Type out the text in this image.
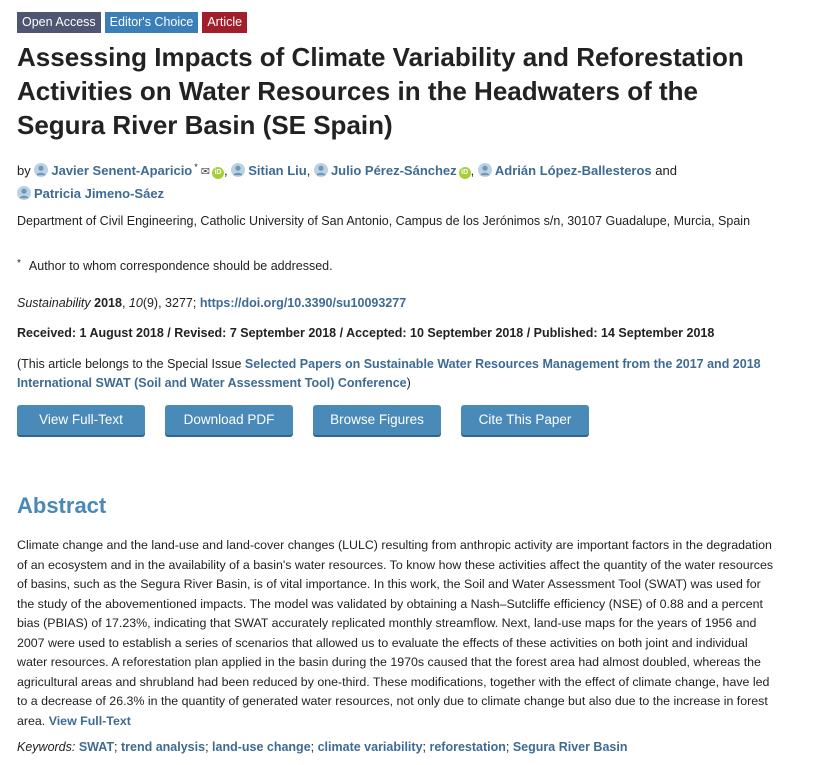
Open Access	Editor's Choice	Article
Assessing Impacts of Climate Variability and Reforestation Activities on Water Resources in the Headwaters of the Segura River Basin (SE Spain)
by Javier Senent-Aparicio * ✉ iD ,
Sitian Liu,
Julio Pérez-Sánchez iD ,
Adrián López-Ballesteros and
Patricia Jimeno-Sáez
Department of Civil Engineering, Catholic University of San Antonio, Campus de los Jerónimos s/n, 30107 Guadalupe, Murcia, Spain
* Author to whom correspondence should be addressed.
Sustainability 2018, 10(9), 3277; https://doi.org/10.3390/su10093277
Received: 1 August 2018 / Revised: 7 September 2018 / Accepted: 10 September 2018 / Published: 14 September 2018
(This article belongs to the Special Issue Selected Papers on Sustainable Water Resources Management from the 2017 and 2018 International SWAT (Soil and Water Assessment Tool) Conference)
View Full-Text	Download PDF	Browse Figures	Cite This Paper
Abstract
Climate change and the land-use and land-cover changes (LULC) resulting from anthropic activity are important factors in the degradation of an ecosystem and in the availability of a basin's water resources. To know how these activities affect the quantity of the water resources of basins, such as the Segura River Basin, is of vital importance. In this work, the Soil and Water Assessment Tool (SWAT) was used for the study of the abovementioned impacts. The model was validated by obtaining a Nash–Sutcliffe efficiency (NSE) of 0.88 and a percent bias (PBIAS) of 17.23%, indicating that SWAT accurately replicated monthly streamflow. Next, land-use maps for the years of 1956 and 2007 were used to establish a series of scenarios that allowed us to evaluate the effects of these activities on both joint and individual water resources. A reforestation plan applied in the basin during the 1970s caused that the forest area had almost doubled, whereas the agricultural areas and shrubland had been reduced by one-third. These modifications, together with the effect of climate change, have led to a decrease of 26.3% in the quantity of generated water resources, not only due to climate change but also due to the increase in forest area. View Full-Text
Keywords: SWAT; trend analysis; land-use change; climate variability; reforestation; Segura River Basin
